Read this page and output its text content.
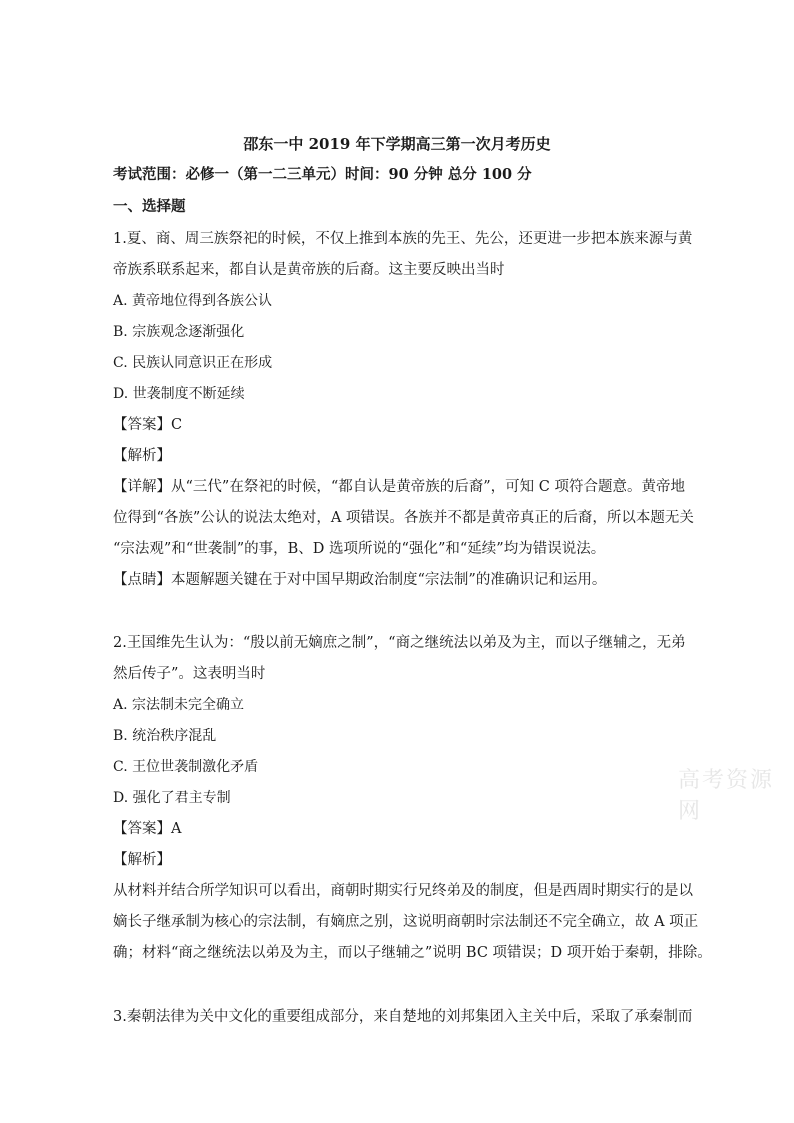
邵东一中 2019 年下学期高三第一次月考历史
考试范围：必修一（第一二三单元）时间：90 分钟 总分 100 分
一、选择题
1.夏、商、周三族祭祀的时候，不仅上推到本族的先王、先公，还更进一步把本族来源与黄
帝族系联系起来，都自认是黄帝族的后裔。这主要反映出当时
A. 黄帝地位得到各族公认
B. 宗族观念逐渐强化
C. 民族认同意识正在形成
D. 世袭制度不断延续
【答案】C
【解析】
【详解】从“三代”在祭祀的时候，“都自认是黄帝族的后裔”，可知 C 项符合题意。黄帝地
位得到“各族”公认的说法太绝对，A 项错误。各族并不都是黄帝真正的后裔，所以本题无关
“宗法观”和“世袭制”的事，B、D 选项所说的“强化”和“延续”均为错误说法。
【点睛】本题解题关键在于对中国早期政治制度“宗法制”的准确识记和运用。
2.王国维先生认为：“殷以前无嫡庶之制”，“商之继统法以弟及为主，而以子继辅之，无弟
然后传子”。这表明当时
A. 宗法制未完全确立
B. 统治秩序混乱
C. 王位世袭制激化矛盾
D. 强化了君主专制
【答案】A
【解析】
从材料并结合所学知识可以看出，商朝时期实行兄终弟及的制度，但是西周时期实行的是以
嫡长子继承制为核心的宗法制，有嫡庶之别，这说明商朝时宗法制还不完全确立，故 A 项正
确；材料“商之继统法以弟及为主，而以子继辅之”说明 BC 项错误；D 项开始于秦朝，排除。
3.秦朝法律为关中文化的重要组成部分，来自楚地的刘邦集团入主关中后，采取了承秦制而
高考资源网
